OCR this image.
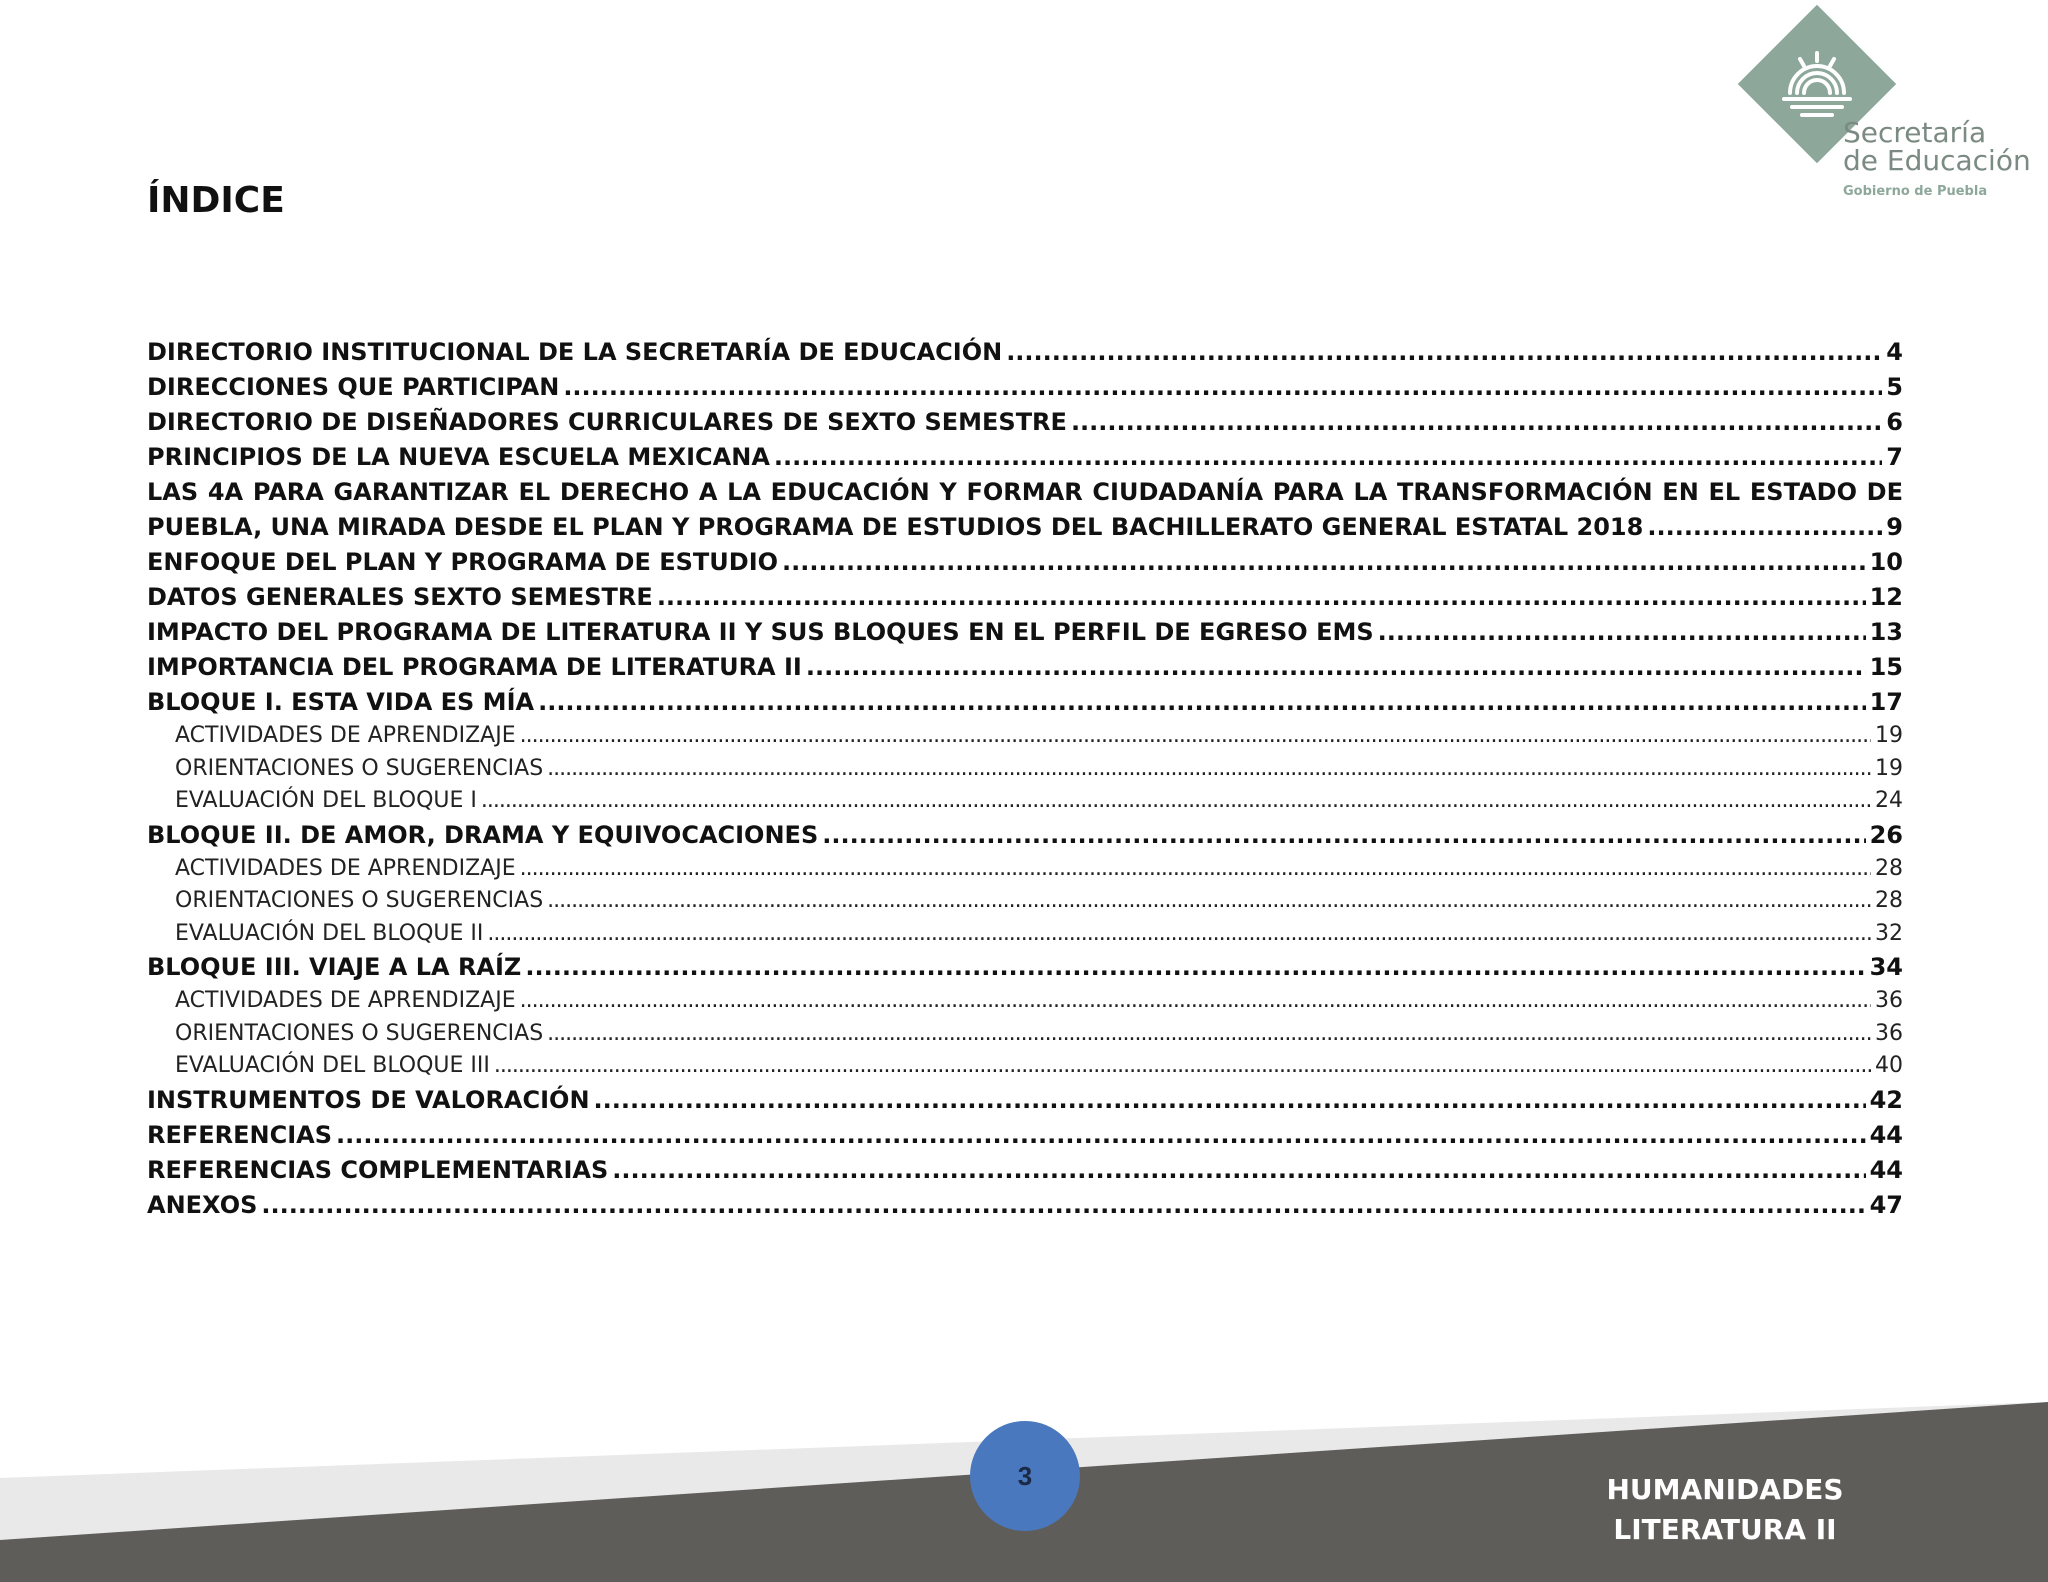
Secretaría
de Educación
Gobierno de Puebla
ÍNDICE
DIRECTORIO INSTITUCIONAL DE LA SECRETARÍA DE EDUCACIÓN .....	4
DIRECCIONES QUE PARTICIPAN .....	5
DIRECTORIO DE DISEÑADORES CURRICULARES DE SEXTO SEMESTRE .....	6
PRINCIPIOS DE LA NUEVA ESCUELA MEXICANA .....	7
LAS 4A PARA GARANTIZAR EL DERECHO A LA EDUCACIÓN Y FORMAR CIUDADANÍA PARA LA TRANSFORMACIÓN EN EL ESTADO DE
PUEBLA, UNA MIRADA DESDE EL PLAN Y PROGRAMA DE ESTUDIOS DEL BACHILLERATO GENERAL ESTATAL 2018 .....	9
ENFOQUE DEL PLAN Y PROGRAMA DE ESTUDIO .....	10
DATOS GENERALES SEXTO SEMESTRE .....	12
IMPACTO DEL PROGRAMA DE LITERATURA II Y SUS BLOQUES EN EL PERFIL DE EGRESO EMS .....	13
IMPORTANCIA DEL PROGRAMA DE LITERATURA II .....	15
BLOQUE I. ESTA VIDA ES MÍA .....	17
ACTIVIDADES DE APRENDIZAJE .....	19
ORIENTACIONES O SUGERENCIAS .....	19
EVALUACIÓN DEL BLOQUE I .....	24
BLOQUE II. DE AMOR, DRAMA Y EQUIVOCACIONES .....	26
ACTIVIDADES DE APRENDIZAJE .....	28
ORIENTACIONES O SUGERENCIAS .....	28
EVALUACIÓN DEL BLOQUE II .....	32
BLOQUE III. VIAJE A LA RAÍZ .....	34
ACTIVIDADES DE APRENDIZAJE .....	36
ORIENTACIONES O SUGERENCIAS .....	36
EVALUACIÓN DEL BLOQUE III .....	40
INSTRUMENTOS DE VALORACIÓN .....	42
REFERENCIAS .....	44
REFERENCIAS COMPLEMENTARIAS .....	44
ANEXOS .....	47
3	HUMANIDADES
LITERATURA II
